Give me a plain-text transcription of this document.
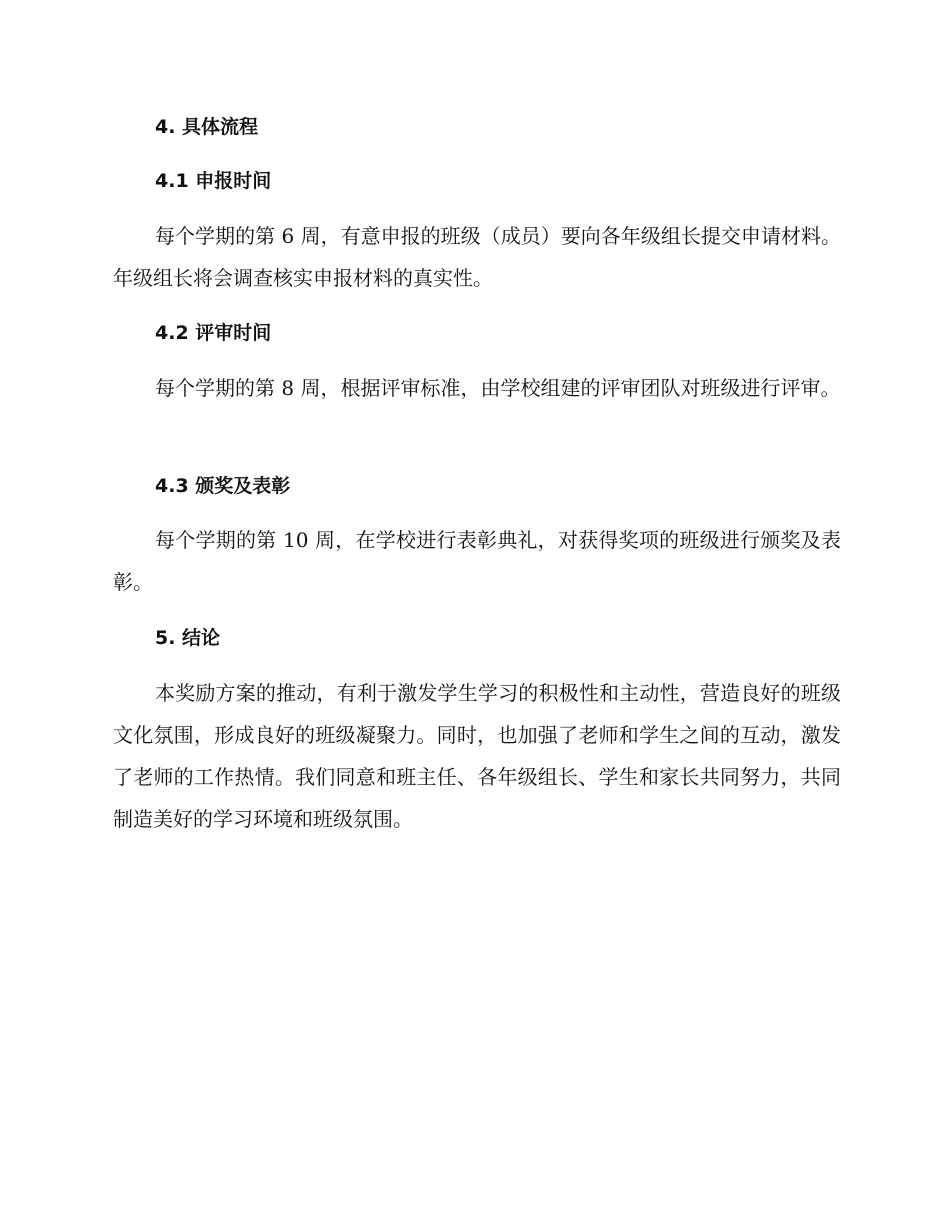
4. 具体流程
4.1 申报时间

每个学期的第 6 周，有意申报的班级（成员）要向各年级组长提交申请材料。年级组长将会调查核实申报材料的真实性。

4.2 评审时间

每个学期的第 8 周，根据评审标准，由学校组建的评审团队对班级进行评审。

4.3 颁奖及表彰

每个学期的第 10 周，在学校进行表彰典礼，对获得奖项的班级进行颁奖及表彰。

5. 结论

本奖励方案的推动，有利于激发学生学习的积极性和主动性，营造良好的班级文化氛围，形成良好的班级凝聚力。同时，也加强了老师和学生之间的互动，激发了老师的工作热情。我们同意和班主任、各年级组长、学生和家长共同努力，共同制造美好的学习环境和班级氛围。
